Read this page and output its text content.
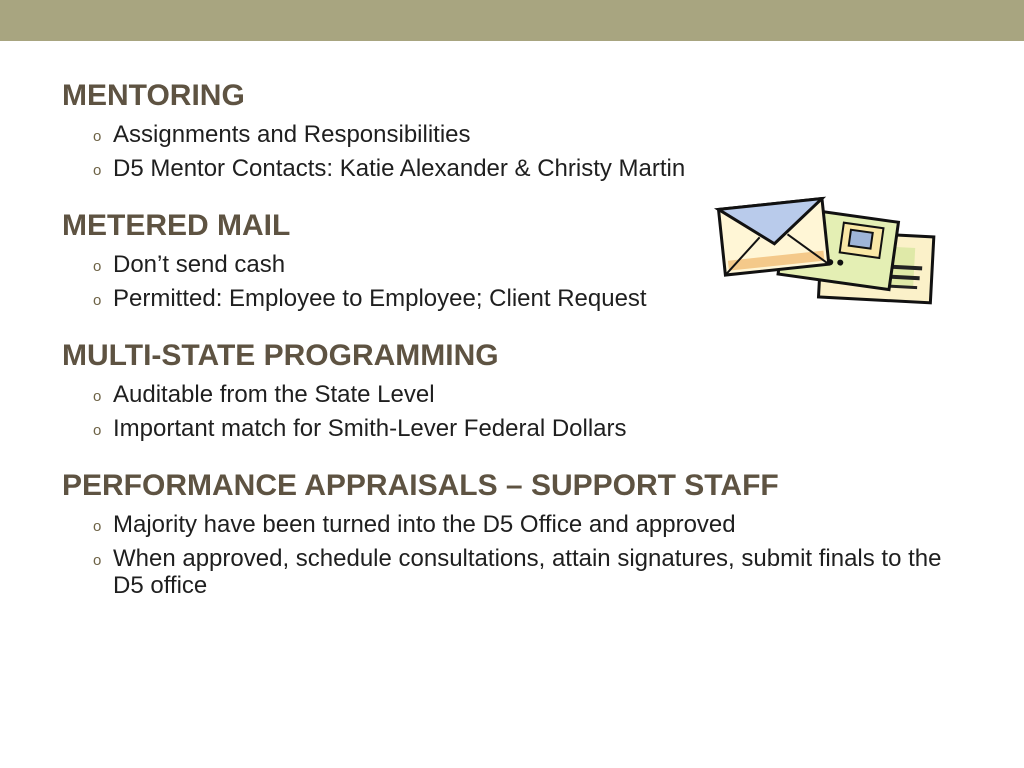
MENTORING
o Assignments and Responsibilities
o D5 Mentor Contacts: Katie Alexander & Christy Martin
METERED MAIL
o Don’t send cash
o Permitted: Employee to Employee; Client Request
MULTI-STATE PROGRAMMING
o Auditable from the State Level
o Important match for Smith-Lever Federal Dollars
PERFORMANCE APPRAISALS – SUPPORT STAFF
o Majority have been turned into the D5 Office and approved
o When approved, schedule consultations, attain signatures, submit finals to the D5 office
